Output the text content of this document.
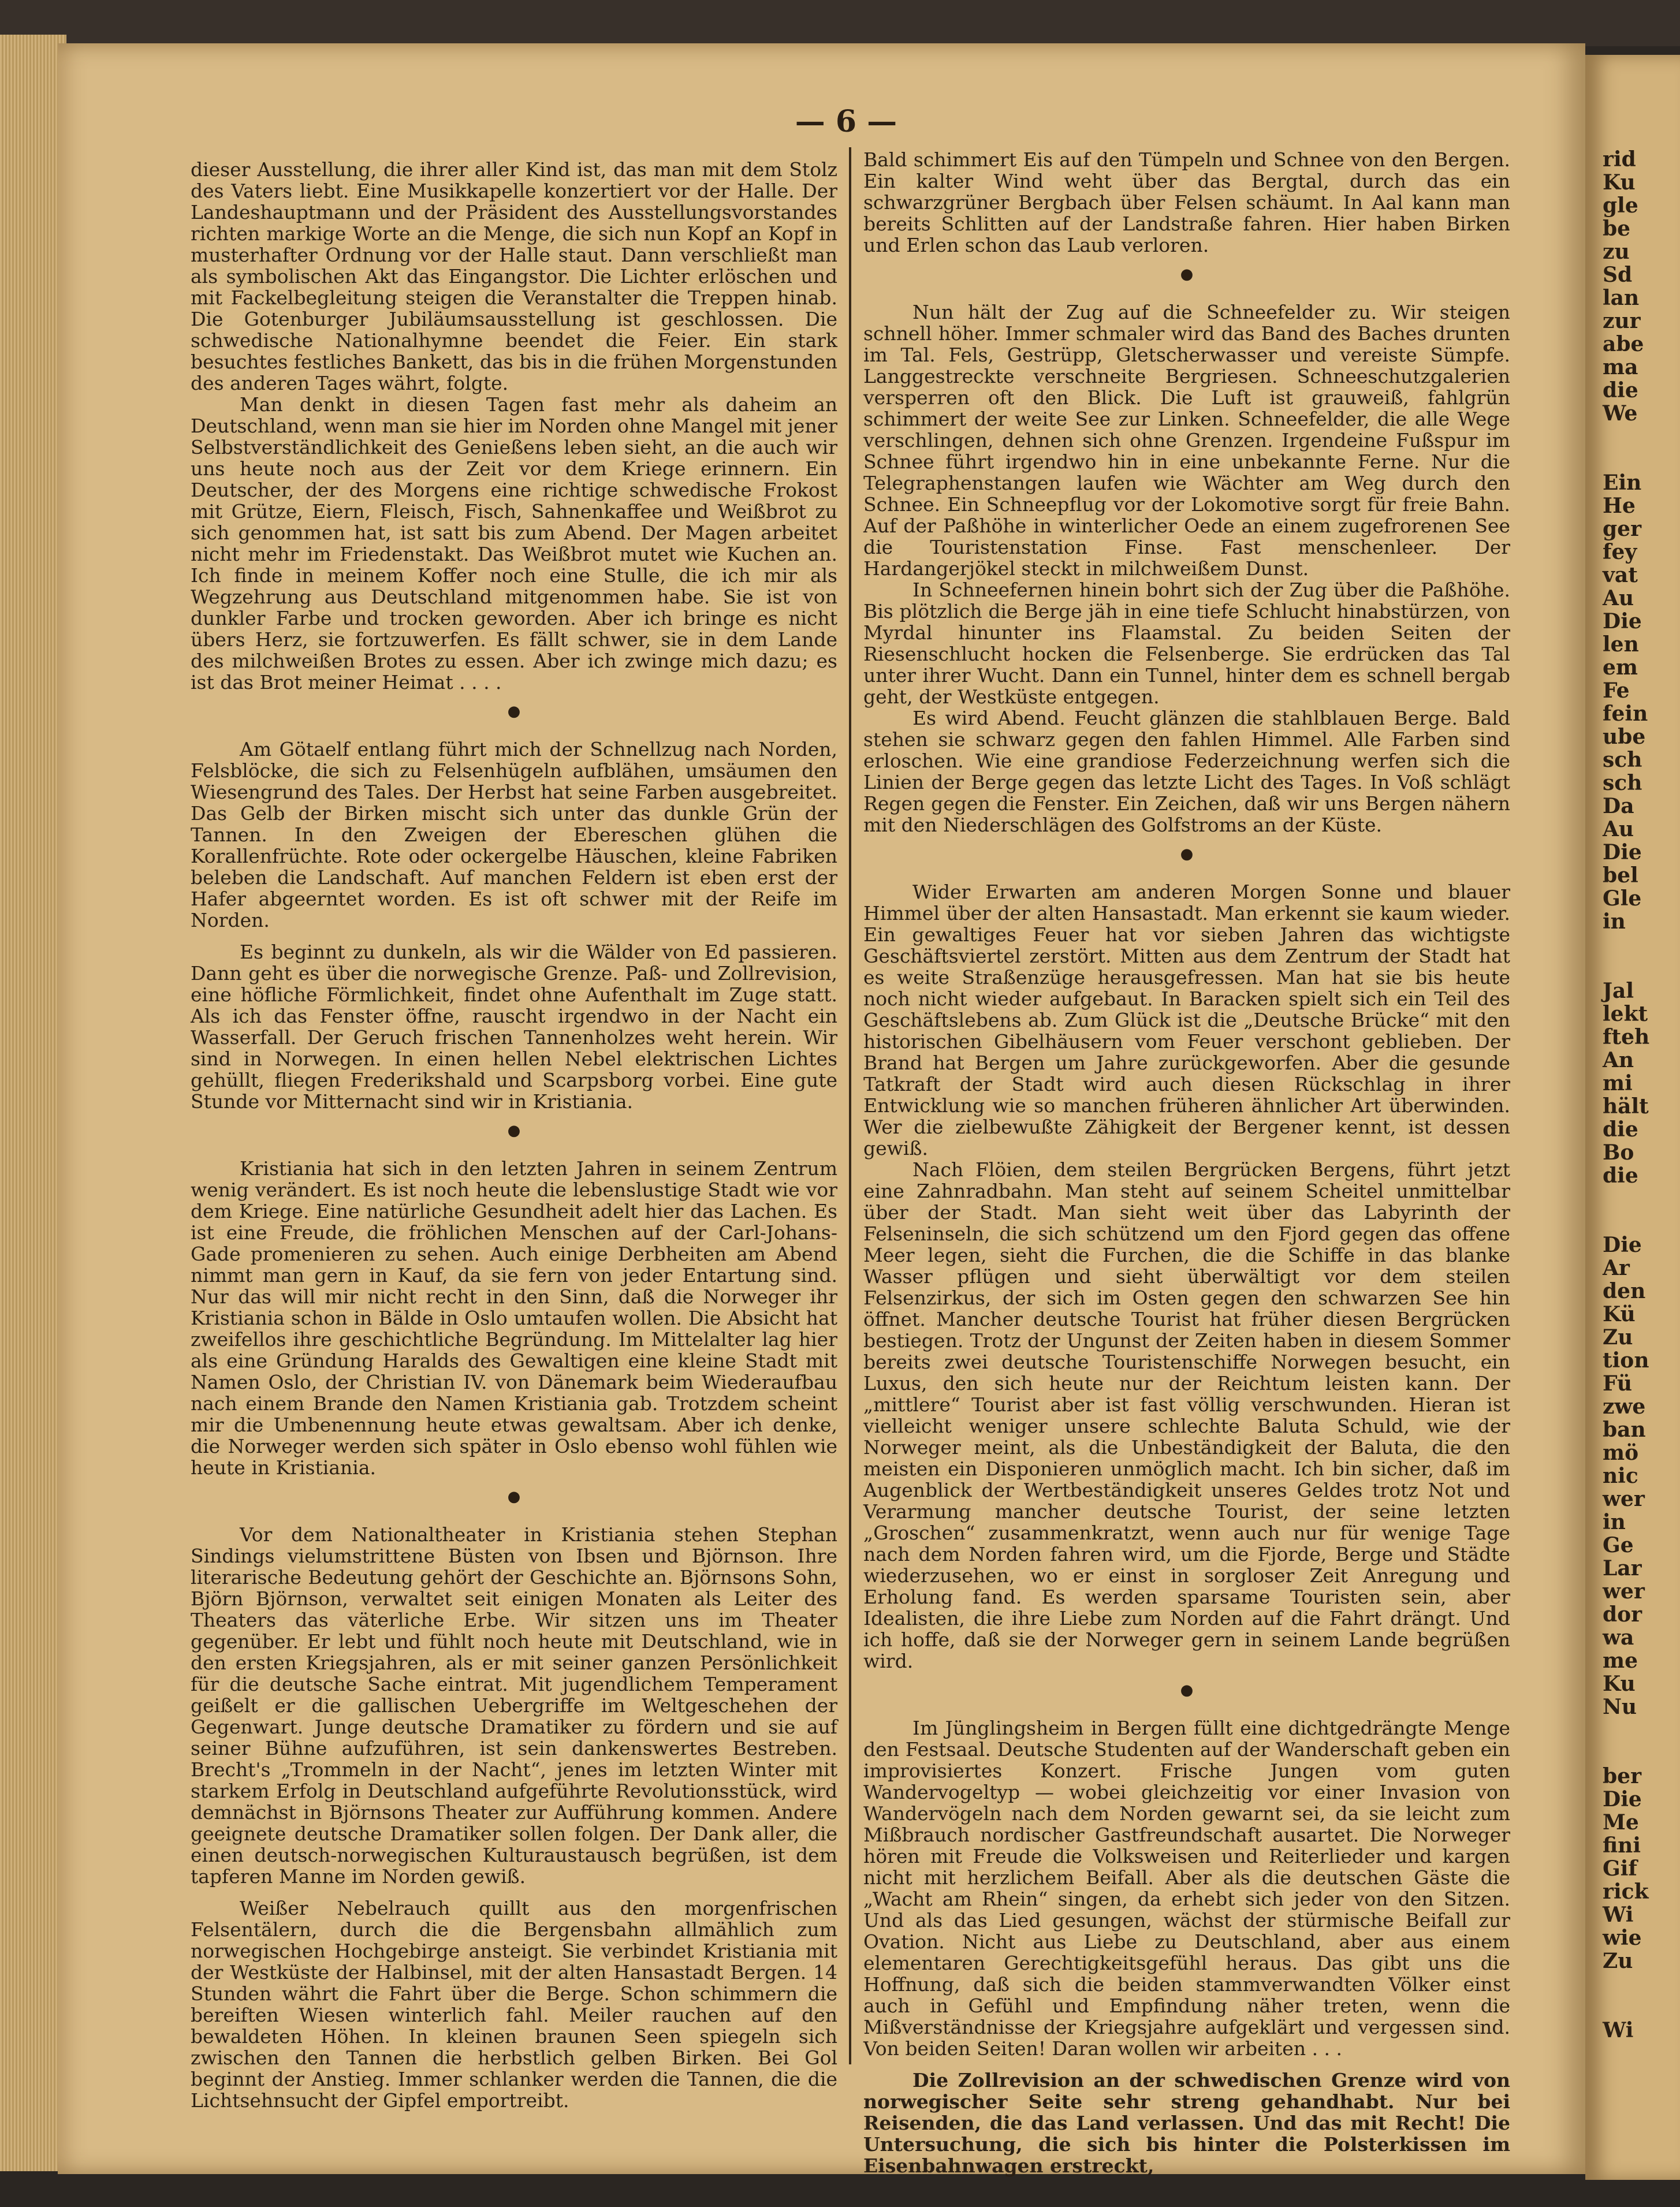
rid
Ku
gle
be
zu
Sd
lan
zur
abe
ma
die
We
Ein
He
ger
fey
vat
Au
Die
len
em
Fe
fein
ube
sch
sch
Da
Au
Die
bel
Gle
in
Jal
lekt
fteh
An
mi
hält
die
Bo
die
Die
Ar
den
Kü
Zu
tion
Fü
zwe
ban
mö
nic
wer
in
Ge
Lar
wer
dor
wa
me
Ku
Nu
ber
Die
Me
fini
Gif
rick
Wi
wie
Zu
Wi
— 6 —

dieser Ausstellung, die ihrer aller Kind ist, das man mit dem Stolz des Vaters liebt. Eine Musikkapelle konzertiert vor der Halle. Der Landeshauptmann und der Präsident des Ausstellungsvorstandes richten markige Worte an die Menge, die sich nun Kopf an Kopf in musterhafter Ordnung vor der Halle staut. Dann verschließt man als symbolischen Akt das Eingangstor. Die Lichter erlöschen und mit Fackelbegleitung steigen die Veranstalter die Treppen hinab. Die Gotenburger Jubiläumsausstellung ist geschlossen. Die schwedische Nationalhymne beendet die Feier. Ein stark besuchtes festliches Bankett, das bis in die frühen Morgenstunden des anderen Tages währt, folgte.

Man denkt in diesen Tagen fast mehr als daheim an Deutschland, wenn man sie hier im Norden ohne Mangel mit jener Selbstverständlichkeit des Genießens leben sieht, an die auch wir uns heute noch aus der Zeit vor dem Kriege erinnern. Ein Deutscher, der des Morgens eine richtige schwedische Frokost mit Grütze, Eiern, Fleisch, Fisch, Sahnenkaffee und Weißbrot zu sich genommen hat, ist satt bis zum Abend. Der Magen arbeitet nicht mehr im Friedenstakt. Das Weißbrot mutet wie Kuchen an. Ich finde in meinem Koffer noch eine Stulle, die ich mir als Wegzehrung aus Deutschland mitgenommen habe. Sie ist von dunkler Farbe und trocken geworden. Aber ich bringe es nicht übers Herz, sie fortzuwerfen. Es fällt schwer, sie in dem Lande des milchweißen Brotes zu essen. Aber ich zwinge mich dazu; es ist das Brot meiner Heimat . . . .

●

Am Götaelf entlang führt mich der Schnellzug nach Norden, Felsblöcke, die sich zu Felsenhügeln aufblähen, umsäumen den Wiesengrund des Tales. Der Herbst hat seine Farben ausgebreitet. Das Gelb der Birken mischt sich unter das dunkle Grün der Tannen. In den Zweigen der Ebereschen glühen die Korallenfrüchte. Rote oder ockergelbe Häuschen, kleine Fabriken beleben die Landschaft. Auf manchen Feldern ist eben erst der Hafer abgeerntet worden. Es ist oft schwer mit der Reife im Norden.

Es beginnt zu dunkeln, als wir die Wälder von Ed passieren. Dann geht es über die norwegische Grenze. Paß- und Zollrevision, eine höfliche Förmlichkeit, findet ohne Aufenthalt im Zuge statt. Als ich das Fenster öffne, rauscht irgendwo in der Nacht ein Wasserfall. Der Geruch frischen Tannenholzes weht herein. Wir sind in Norwegen. In einen hellen Nebel elektrischen Lichtes gehüllt, fliegen Frederikshald und Scarpsborg vorbei. Eine gute Stunde vor Mitternacht sind wir in Kristiania.

●

Kristiania hat sich in den letzten Jahren in seinem Zentrum wenig verändert. Es ist noch heute die lebenslustige Stadt wie vor dem Kriege. Eine natürliche Gesundheit adelt hier das Lachen. Es ist eine Freude, die fröhlichen Menschen auf der Carl-Johans-Gade promenieren zu sehen. Auch einige Derbheiten am Abend nimmt man gern in Kauf, da sie fern von jeder Entartung sind. Nur das will mir nicht recht in den Sinn, daß die Norweger ihr Kristiania schon in Bälde in Oslo umtaufen wollen. Die Absicht hat zweifellos ihre geschichtliche Begründung. Im Mittelalter lag hier als eine Gründung Haralds des Gewaltigen eine kleine Stadt mit Namen Oslo, der Christian IV. von Dänemark beim Wiederaufbau nach einem Brande den Namen Kristiania gab. Trotzdem scheint mir die Umbenennung heute etwas gewaltsam. Aber ich denke, die Norweger werden sich später in Oslo ebenso wohl fühlen wie heute in Kristiania.

●

Vor dem Nationaltheater in Kristiania stehen Stephan Sindings vielumstrittene Büsten von Ibsen und Björnson. Ihre literarische Bedeutung gehört der Geschichte an. Björnsons Sohn, Björn Björnson, verwaltet seit einigen Monaten als Leiter des Theaters das väterliche Erbe. Wir sitzen uns im Theater gegenüber. Er lebt und fühlt noch heute mit Deutschland, wie in den ersten Kriegsjahren, als er mit seiner ganzen Persönlichkeit für die deutsche Sache eintrat. Mit jugendlichem Temperament geißelt er die gallischen Uebergriffe im Weltgeschehen der Gegenwart. Junge deutsche Dramatiker zu fördern und sie auf seiner Bühne aufzuführen, ist sein dankenswertes Bestreben. Brecht's „Trommeln in der Nacht“, jenes im letzten Winter mit starkem Erfolg in Deutschland aufgeführte Revolutionsstück, wird demnächst in Björnsons Theater zur Aufführung kommen. Andere geeignete deutsche Dramatiker sollen folgen. Der Dank aller, die einen deutsch-norwegischen Kulturaustausch begrüßen, ist dem tapferen Manne im Norden gewiß.

Weißer Nebelrauch quillt aus den morgenfrischen Felsentälern, durch die die Bergensbahn allmählich zum norwegischen Hochgebirge ansteigt. Sie verbindet Kristiania mit der Westküste der Halbinsel, mit der alten Hansastadt Bergen. 14 Stunden währt die Fahrt über die Berge. Schon schimmern die bereiften Wiesen winterlich fahl. Meiler rauchen auf den bewaldeten Höhen. In kleinen braunen Seen spiegeln sich zwischen den Tannen die herbstlich gelben Birken. Bei Gol beginnt der Anstieg. Immer schlanker werden die Tannen, die die Lichtsehnsucht der Gipfel emportreibt.

Bald schimmert Eis auf den Tümpeln und Schnee von den Bergen. Ein kalter Wind weht über das Bergtal, durch das ein schwarzgrüner Bergbach über Felsen schäumt. In Aal kann man bereits Schlitten auf der Landstraße fahren. Hier haben Birken und Erlen schon das Laub verloren.

●

Nun hält der Zug auf die Schneefelder zu. Wir steigen schnell höher. Immer schmaler wird das Band des Baches drunten im Tal. Fels, Gestrüpp, Gletscherwasser und vereiste Sümpfe. Langgestreckte verschneite Bergriesen. Schneeschutzgalerien versperren oft den Blick. Die Luft ist grauweiß, fahlgrün schimmert der weite See zur Linken. Schneefelder, die alle Wege verschlingen, dehnen sich ohne Grenzen. Irgendeine Fußspur im Schnee führt irgendwo hin in eine unbekannte Ferne. Nur die Telegraphenstangen laufen wie Wächter am Weg durch den Schnee. Ein Schneepflug vor der Lokomotive sorgt für freie Bahn. Auf der Paßhöhe in winterlicher Oede an einem zugefrorenen See die Touristenstation Finse. Fast menschenleer. Der Hardangerjökel steckt in milchweißem Dunst.

In Schneefernen hinein bohrt sich der Zug über die Paßhöhe. Bis plötzlich die Berge jäh in eine tiefe Schlucht hinabstürzen, von Myrdal hinunter ins Flaamstal. Zu beiden Seiten der Riesenschlucht hocken die Felsenberge. Sie erdrücken das Tal unter ihrer Wucht. Dann ein Tunnel, hinter dem es schnell bergab geht, der Westküste entgegen.

Es wird Abend. Feucht glänzen die stahlblauen Berge. Bald stehen sie schwarz gegen den fahlen Himmel. Alle Farben sind erloschen. Wie eine grandiose Federzeichnung werfen sich die Linien der Berge gegen das letzte Licht des Tages. In Voß schlägt Regen gegen die Fenster. Ein Zeichen, daß wir uns Bergen nähern mit den Niederschlägen des Golfstroms an der Küste.

●

Wider Erwarten am anderen Morgen Sonne und blauer Himmel über der alten Hansastadt. Man erkennt sie kaum wieder. Ein gewaltiges Feuer hat vor sieben Jahren das wichtigste Geschäftsviertel zerstört. Mitten aus dem Zentrum der Stadt hat es weite Straßenzüge herausgefressen. Man hat sie bis heute noch nicht wieder aufgebaut. In Baracken spielt sich ein Teil des Geschäftslebens ab. Zum Glück ist die „Deutsche Brücke“ mit den historischen Gibelhäusern vom Feuer verschont geblieben. Der Brand hat Bergen um Jahre zurückgeworfen. Aber die gesunde Tatkraft der Stadt wird auch diesen Rückschlag in ihrer Entwicklung wie so manchen früheren ähnlicher Art überwinden. Wer die zielbewußte Zähigkeit der Bergener kennt, ist dessen gewiß.

Nach Flöien, dem steilen Bergrücken Bergens, führt jetzt eine Zahnradbahn. Man steht auf seinem Scheitel unmittelbar über der Stadt. Man sieht weit über das Labyrinth der Felseninseln, die sich schützend um den Fjord gegen das offene Meer legen, sieht die Furchen, die die Schiffe in das blanke Wasser pflügen und sieht überwältigt vor dem steilen Felsenzirkus, der sich im Osten gegen den schwarzen See hin öffnet. Mancher deutsche Tourist hat früher diesen Bergrücken bestiegen. Trotz der Ungunst der Zeiten haben in diesem Sommer bereits zwei deutsche Touristenschiffe Norwegen besucht, ein Luxus, den sich heute nur der Reichtum leisten kann. Der „mittlere“ Tourist aber ist fast völlig verschwunden. Hieran ist vielleicht weniger unsere schlechte Baluta Schuld, wie der Norweger meint, als die Unbeständigkeit der Baluta, die den meisten ein Disponieren unmöglich macht. Ich bin sicher, daß im Augenblick der Wertbeständigkeit unseres Geldes trotz Not und Verarmung mancher deutsche Tourist, der seine letzten „Groschen“ zusammenkratzt, wenn auch nur für wenige Tage nach dem Norden fahren wird, um die Fjorde, Berge und Städte wiederzusehen, wo er einst in sorgloser Zeit Anregung und Erholung fand. Es werden sparsame Touristen sein, aber Idealisten, die ihre Liebe zum Norden auf die Fahrt drängt. Und ich hoffe, daß sie der Norweger gern in seinem Lande begrüßen wird.

●

Im Jünglingsheim in Bergen füllt eine dichtgedrängte Menge den Festsaal. Deutsche Studenten auf der Wanderschaft geben ein improvisiertes Konzert. Frische Jungen vom guten Wandervogeltyp — wobei gleichzeitig vor einer Invasion von Wandervögeln nach dem Norden gewarnt sei, da sie leicht zum Mißbrauch nordischer Gastfreundschaft ausartet. Die Norweger hören mit Freude die Volksweisen und Reiterlieder und kargen nicht mit herzlichem Beifall. Aber als die deutschen Gäste die „Wacht am Rhein“ singen, da erhebt sich jeder von den Sitzen. Und als das Lied gesungen, wächst der stürmische Beifall zur Ovation. Nicht aus Liebe zu Deutschland, aber aus einem elementaren Gerechtigkeitsgefühl heraus. Das gibt uns die Hoffnung, daß sich die beiden stammverwandten Völker einst auch in Gefühl und Empfindung näher treten, wenn die Mißverständnisse der Kriegsjahre aufgeklärt und vergessen sind. Von beiden Seiten! Daran wollen wir arbeiten . . .

Die Zollrevision an der schwedischen Grenze wird von norwegischer Seite sehr streng gehandhabt. Nur bei Reisenden, die das Land verlassen. Und das mit Recht! Die Untersuchung, die sich bis hinter die Polsterkissen im Eisenbahnwagen erstreckt,
